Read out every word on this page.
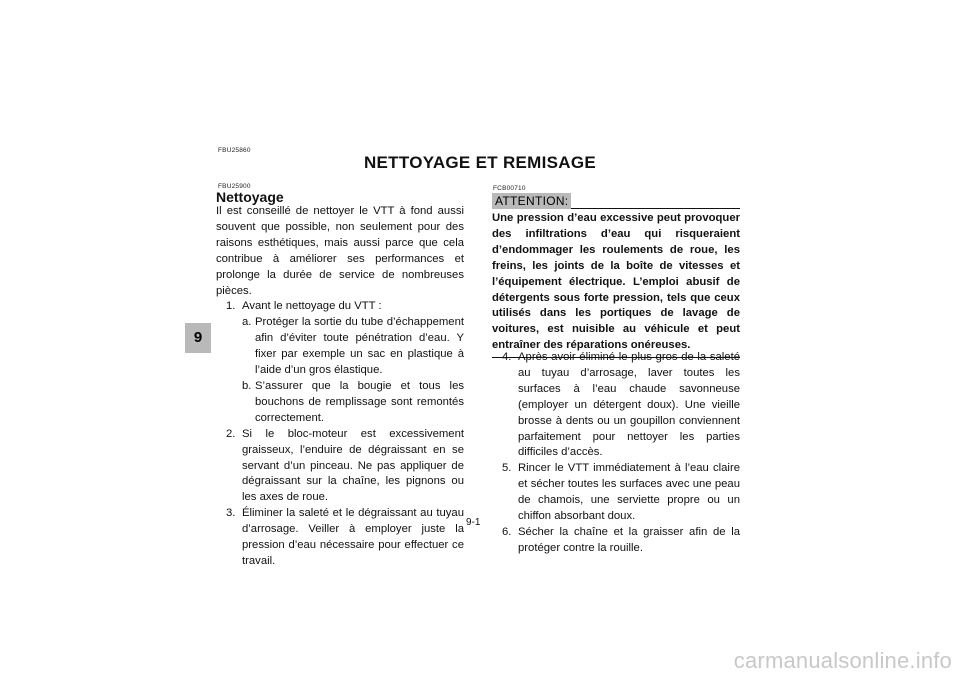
FBU25860
NETTOYAGE ET REMISAGE
9
FBU25900
Nettoyage
Il est conseillé de nettoyer le VTT à fond aussi souvent que possible, non seulement pour des raisons esthétiques, mais aussi parce que cela contribue à améliorer ses performances et prolonge la durée de service de nombreuses pièces.
1. Avant le nettoyage du VTT :
a. Protéger la sortie du tube d’échappement afin d’éviter toute pénétration d’eau. Y fixer par exemple un sac en plastique à l’aide d’un gros élastique.
b. S’assurer que la bougie et tous les bouchons de remplissage sont remontés correctement.
2. Si le bloc-moteur est excessivement graisseux, l’enduire de dégraissant en se servant d’un pinceau. Ne pas appliquer de dégraissant sur la chaîne, les pignons ou les axes de roue.
3. Éliminer la saleté et le dégraissant au tuyau d’arrosage. Veiller à employer juste la pression d’eau nécessaire pour effectuer ce travail.
FCB00710
ATTENTION:
Une pression d’eau excessive peut provoquer des infiltrations d’eau qui risqueraient d’endommager les roulements de roue, les freins, les joints de la boîte de vitesses et l’équipement électrique. L’emploi abusif de détergents sous forte pression, tels que ceux utilisés dans les portiques de lavage de voitures, est nuisible au véhicule et peut entraîner des réparations onéreuses.
4. Après avoir éliminé le plus gros de la saleté au tuyau d’arrosage, laver toutes les surfaces à l’eau chaude savonneuse (employer un détergent doux). Une vieille brosse à dents ou un goupillon conviennent parfaitement pour nettoyer les parties difficiles d’accès.
5. Rincer le VTT immédiatement à l’eau claire et sécher toutes les surfaces avec une peau de chamois, une serviette propre ou un chiffon absorbant doux.
6. Sécher la chaîne et la graisser afin de la protéger contre la rouille.
9-1
carmanualsonline.info
